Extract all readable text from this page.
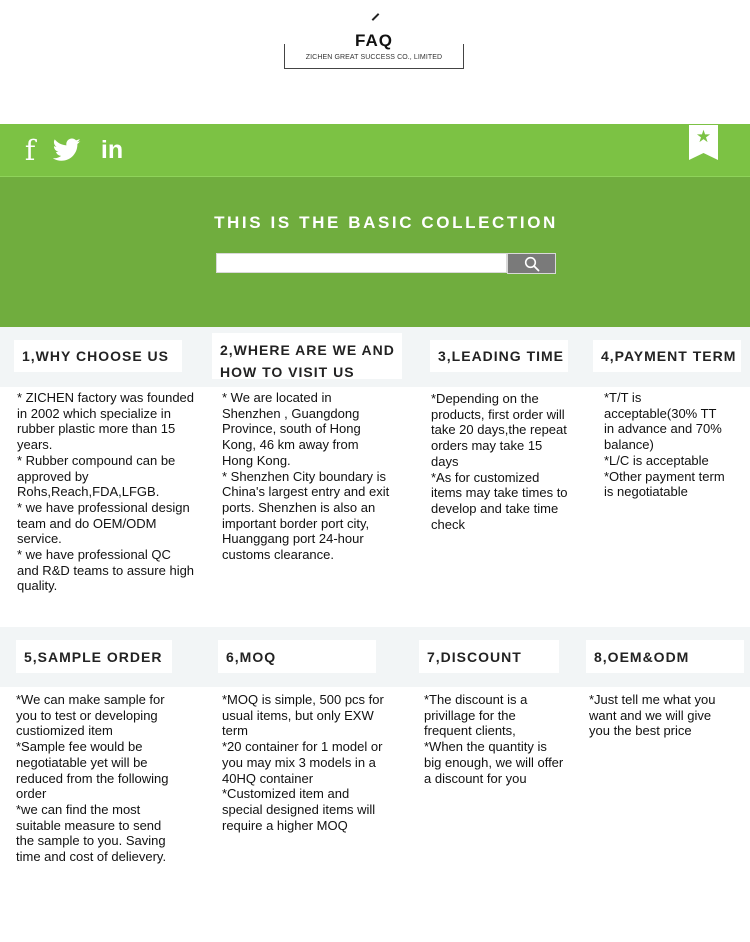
FAQ
ZICHEN GREAT SUCCESS CO., LIMITED
f	in	★
THIS IS THE BASIC COLLECTION
1,WHY CHOOSE US	2,WHERE ARE WE AND HOW TO VISIT US
3,LEADING TIME	4,PAYMENT TERM
* ZICHEN factory was founded
in 2002 which specialize in
rubber plastic more than 15
years.
* Rubber compound can be
approved by
Rohs,Reach,FDA,LFGB.
* we have professional design
team and do OEM/ODM
service.
* we have professional QC
and R&D teams to assure high
quality.
* We are located in
Shenzhen , Guangdong
Province, south of Hong
Kong, 46 km away from
Hong Kong.
* Shenzhen City boundary is
China's largest entry and exit
ports. Shenzhen is also an
important border port city,
Huanggang port 24-hour
customs clearance.
*Depending on the
products, first order will
take 20 days,the repeat
orders may take 15
days
*As for customized
items may take times to
develop and take time
check
*T/T is
acceptable(30% TT
in advance and 70%
balance)
*L/C is acceptable
*Other payment term
is negotiatable
5,SAMPLE ORDER	6,MOQ	7,DISCOUNT	8,OEM&ODM
*We can make sample for
you to test or developing
custiomized item
*Sample fee would be
negotiatable yet will be
reduced from the following
order
*we can find the most
suitable measure to send
the sample to you. Saving
time and cost of delievery.
*MOQ is simple, 500 pcs for
usual items, but only EXW
term
*20 container for 1 model or
you may mix 3 models in a
40HQ container
*Customized item and
special designed items will
require a higher MOQ
*The discount is a
privillage for the
frequent clients,
*When the quantity is
big enough, we will offer
a discount for you
*Just tell me what you
want and we will give
you the best price
